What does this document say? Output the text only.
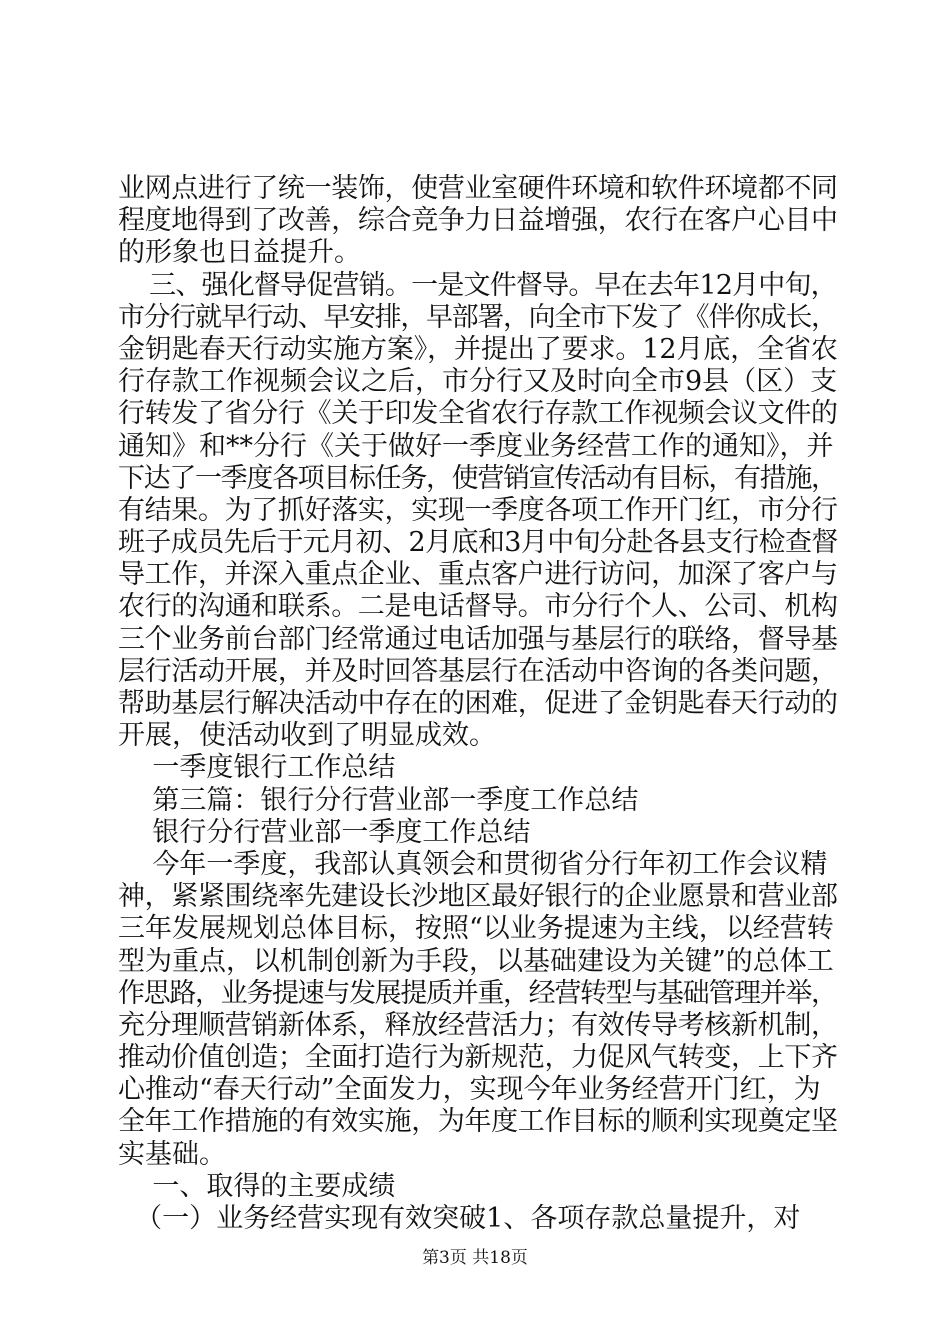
业网点进行了统一装饰，使营业室硬件环境和软件环境都不同
程度地得到了改善，综合竞争力日益增强，农行在客户心目中
的形象也日益提升。
三、强化督导促营销。一是文件督导。早在去年12月中旬，
市分行就早行动、早安排，早部署，向全市下发了《伴你成长，
金钥匙春天行动实施方案》，并提出了要求。12月底，全省农
行存款工作视频会议之后，市分行又及时向全市9县（区）支
行转发了省分行《关于印发全省农行存款工作视频会议文件的
通知》和**分行《关于做好一季度业务经营工作的通知》，并
下达了一季度各项目标任务，使营销宣传活动有目标，有措施，
有结果。为了抓好落实，实现一季度各项工作开门红，市分行
班子成员先后于元月初、2月底和3月中旬分赴各县支行检查督
导工作，并深入重点企业、重点客户进行访问，加深了客户与
农行的沟通和联系。二是电话督导。市分行个人、公司、机构
三个业务前台部门经常通过电话加强与基层行的联络，督导基
层行活动开展，并及时回答基层行在活动中咨询的各类问题，
帮助基层行解决活动中存在的困难，促进了金钥匙春天行动的
开展，使活动收到了明显成效。
一季度银行工作总结
第三篇：银行分行营业部一季度工作总结
银行分行营业部一季度工作总结
今年一季度，我部认真领会和贯彻省分行年初工作会议精
神，紧紧围绕率先建设长沙地区最好银行的企业愿景和营业部
三年发展规划总体目标，按照“以业务提速为主线，以经营转
型为重点，以机制创新为手段，以基础建设为关键”的总体工
作思路，业务提速与发展提质并重，经营转型与基础管理并举，
充分理顺营销新体系，释放经营活力；有效传导考核新机制，
推动价值创造；全面打造行为新规范，力促风气转变，上下齐
心推动“春天行动”全面发力，实现今年业务经营开门红，为
全年工作措施的有效实施，为年度工作目标的顺利实现奠定坚
实基础。
一、取得的主要成绩
（一）业务经营实现有效突破1、各项存款总量提升，对
第3页 共18页
